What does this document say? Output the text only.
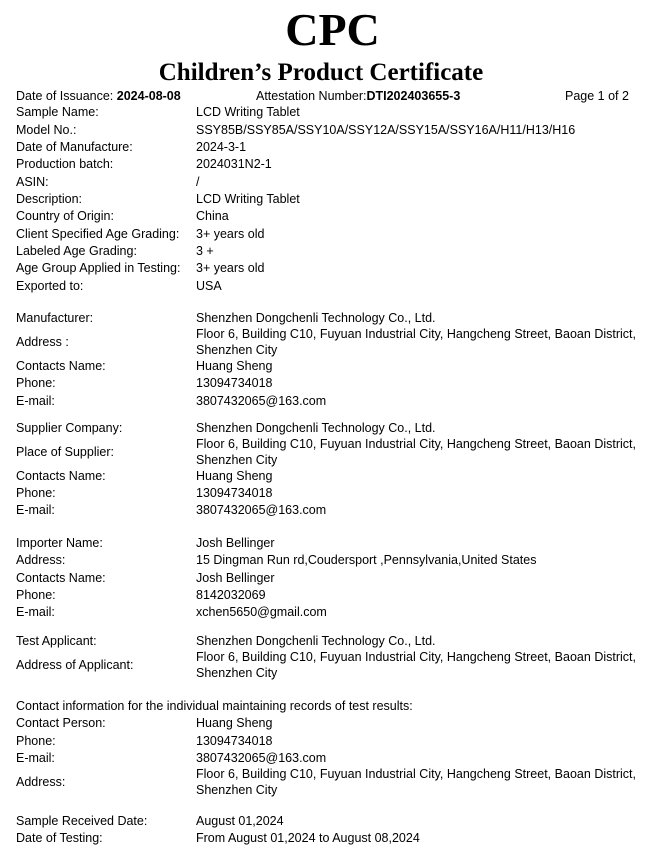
CPC
Children’s Product Certificate
Date of Issuance: 2024-08-08	Attestation Number:DTI202403655-3	Page 1 of 2
Sample Name:	LCD Writing Tablet
Model No.:	SSY85B/SSY85A/SSY10A/SSY12A/SSY15A/SSY16A/H11/H13/H16
Date of Manufacture:	2024-3-1
Production batch:	2024031N2-1
ASIN:	/
Description:	LCD Writing Tablet
Country of Origin:	China
Client Specified Age Grading: 3+ years old
Labeled Age Grading:	3 +
Age Group Applied in Testing: 3+ years old
Exported to:	USA
Manufacturer:	Shenzhen Dongchenli Technology Co., Ltd.
Address :
Floor 6, Building C10, Fuyuan Industrial City, Hangcheng Street, Baoan District, Shenzhen City
Contacts Name:	Huang Sheng
Phone:	13094734018
E-mail:	3807432065@163.com
Supplier Company:	Shenzhen Dongchenli Technology Co., Ltd.
Place of Supplier:
Floor 6, Building C10, Fuyuan Industrial City, Hangcheng Street, Baoan District, Shenzhen City
Contacts Name:	Huang Sheng
Phone:	13094734018
E-mail:	3807432065@163.com
Importer Name:	Josh Bellinger
Address:	15 Dingman Run rd,Coudersport ,Pennsylvania,United States
Contacts Name:	Josh Bellinger
Phone:	8142032069
E-mail:	xchen5650@gmail.com
Test Applicant:	Shenzhen Dongchenli Technology Co., Ltd.
Address of Applicant:
Floor 6, Building C10, Fuyuan Industrial City, Hangcheng Street, Baoan District, Shenzhen City
Contact information for the individual maintaining records of test results:
Contact Person:	Huang Sheng
Phone:	13094734018
E-mail:	3807432065@163.com
Address:
Floor 6, Building C10, Fuyuan Industrial City, Hangcheng Street, Baoan District, Shenzhen City
Sample Received Date:	August 01,2024
Date of Testing:	From August 01,2024 to August 08,2024
